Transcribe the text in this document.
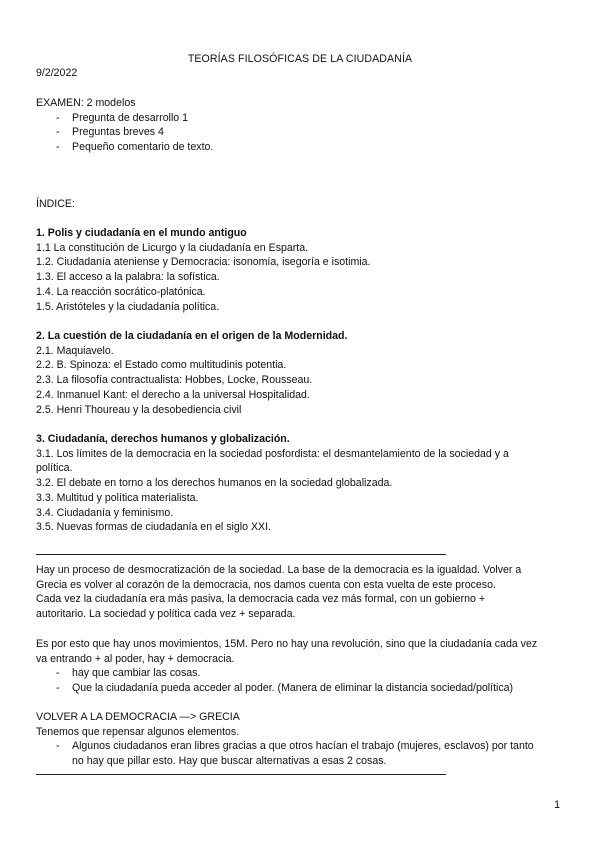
TEORÍAS FILOSÓFICAS DE LA CIUDADANÍA
9/2/2022
EXAMEN: 2 modelos
- Pregunta de desarrollo 1
- Preguntas breves 4
- Pequeño comentario de texto.
ÍNDICE:
1. Polis y ciudadanía en el mundo antiguo
1.1 La constitución de Licurgo y la ciudadanía en Esparta.
1.2. Ciudadanía ateniense y Democracia: isonomía, isegoría e isotimia.
1.3. El acceso a la palabra: la sofística.
1.4. La reacción socrático-platónica.
1.5. Aristóteles y la ciudadanía política.
2. La cuestión de la ciudadanía en el origen de la Modernidad.
2.1. Maquiavelo.
2.2. B. Spinoza: el Estado como multitudinis potentia.
2.3. La filosofía contractualista: Hobbes, Locke, Rousseau.
2.4. Inmanuel Kant: el derecho a la universal Hospitalidad.
2.5. Henri Thoureau y la desobediencia civil
3. Ciudadanía, derechos humanos y globalización.
3.1. Los límites de la democracia en la sociedad posfordista: el desmantelamiento de la sociedad y a política.
3.2. El debate en torno a los derechos humanos en la sociedad globalizada.
3.3. Multitud y política materialista.
3.4. Ciudadanía y feminismo.
3.5. Nuevas formas de ciudadanía en el siglo XXI.
Hay un proceso de desmocratización de la sociedad. La base de la democracia es la igualdad. Volver a
Grecia es volver al corazón de la democracia, nos damos cuenta con esta vuelta de este proceso.
Cada vez la ciudadanía era más pasiva, la democracia cada vez más formal, con un gobierno +
autoritario. La sociedad y política cada vez + separada.
Es por esto que hay unos movimientos, 15M. Pero no hay una revolución, sino que la ciudadanía cada vez
va entrando + al poder, hay + democracia.
- hay que cambiar las cosas.
- Que la ciudadanía pueda acceder al poder. (Manera de eliminar la distancia sociedad/política)
VOLVER A LA DEMOCRACIA —> GRECIA
Tenemos que repensar algunos elementos.
- Algunos ciudadanos eran libres gracias a que otros hacían el trabajo (mujeres, esclavos) por tanto
no hay que pillar esto. Hay que buscar alternativas a esas 2 cosas.
1
